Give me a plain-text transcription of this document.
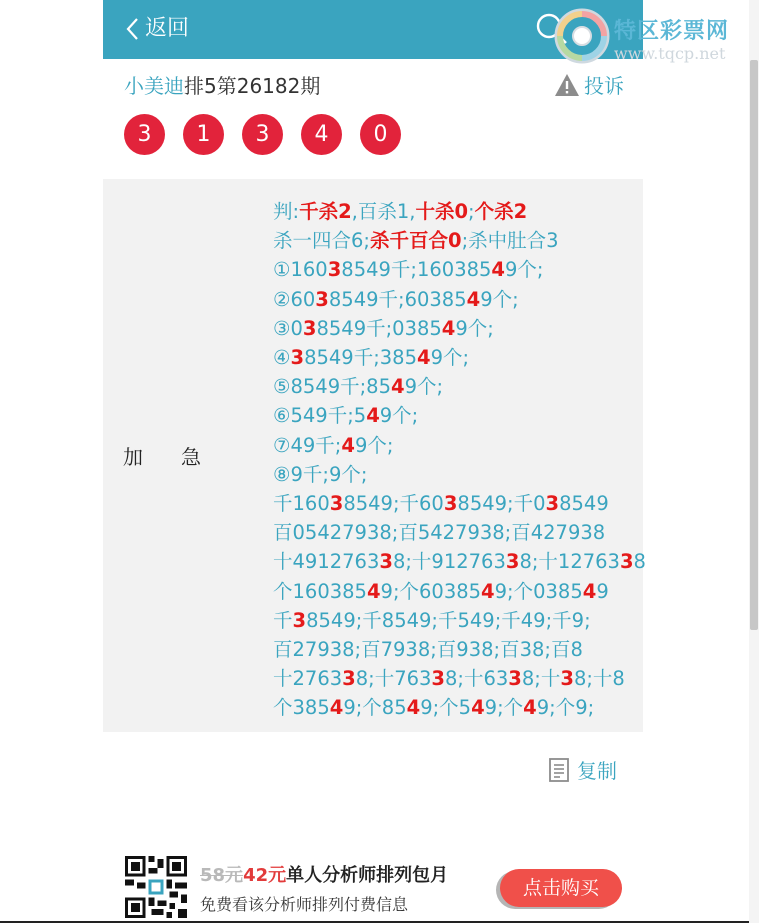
返回	特区彩票网
www.tqcp.net
小美迪排5第26182期	投诉
3	1	3	4	0
加急
判:千杀2,百杀1,十杀0;个杀2
杀一四合6;杀千百合0;杀中肚合3
①16038549千;16038549个;
②6038549千;6038549个;
③038549千;038549个;
④38549千;38549个;
⑤8549千;8549个;
⑥549千;549个;
⑦49千;49个;
⑧9千;9个;
千16038549;千6038549;千038549
百05427938;百5427938;百427938
十491276338;十91276338;十1276338
个16038549;个6038549;个038549
千38549;千8549;千549;千49;千9;
百27938;百7938;百938;百38;百8
十276338;十76338;十6338;十38;十8
个38549;个8549;个549;个49;个9;
复制
58元42元单人分析师排列包月
免费看该分析师排列付费信息
点击购买
